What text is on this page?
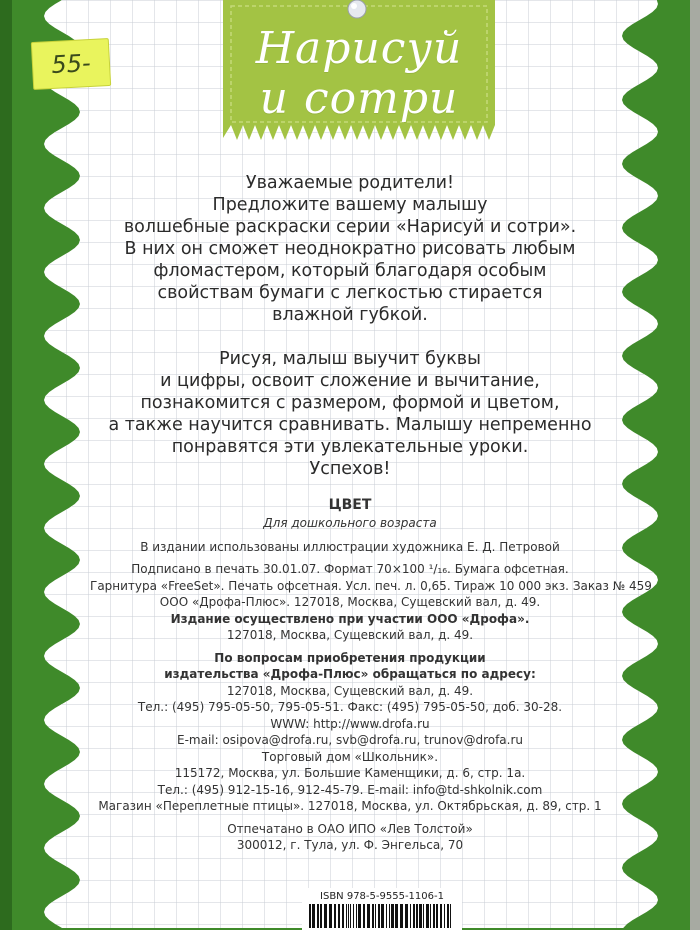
Нарисуй
и сотри
55-

Уважаемые родители!
Предложите вашему малышу
волшебные раскраски серии «Нарисуй и сотри».
В них он сможет неоднократно рисовать любым
фломастером, который благодаря особым
свойствам бумаги с легкостью стирается
влажной губкой.

Рисуя, малыш выучит буквы
и цифры, освоит сложение и вычитание,
познакомится с размером, формой и цветом,
а также научится сравнивать. Малышу непременно
понравятся эти увлекательные уроки.
Успехов!

ЦВЕТ
Для дошкольного возраста
В издании использованы иллюстрации художника Е. Д. Петровой
Подписано в печать 30.01.07. Формат 70×100 ¹/₁₆. Бумага офсетная.
Гарнитура «FreeSet». Печать офсетная. Усл. печ. л. 0,65. Тираж 10 000 экз. Заказ № 459
ООО «Дрофа-Плюс». 127018, Москва, Сущевский вал, д. 49.
Издание осуществлено при участии ООО «Дрофа».
127018, Москва, Сущевский вал, д. 49.
По вопросам приобретения продукции
издательства «Дрофа-Плюс» обращаться по адресу:
127018, Москва, Сущевский вал, д. 49.
Тел.: (495) 795-05-50, 795-05-51. Факс: (495) 795-05-50, доб. 30-28.
WWW: http://www.drofa.ru
E-mail: osipova@drofa.ru, svb@drofa.ru, trunov@drofa.ru
Торговый дом «Школьник».
115172, Москва, ул. Большие Каменщики, д. 6, стр. 1а.
Тел.: (495) 912-15-16, 912-45-79. E-mail: info@td-shkolnik.com
Магазин «Переплетные птицы». 127018, Москва, ул. Октябрьская, д. 89, стр. 1
Отпечатано в ОАО ИПО «Лев Толстой»
300012, г. Тула, ул. Ф. Энгельса, 70
ISBN 978-5-9555-1106-1
